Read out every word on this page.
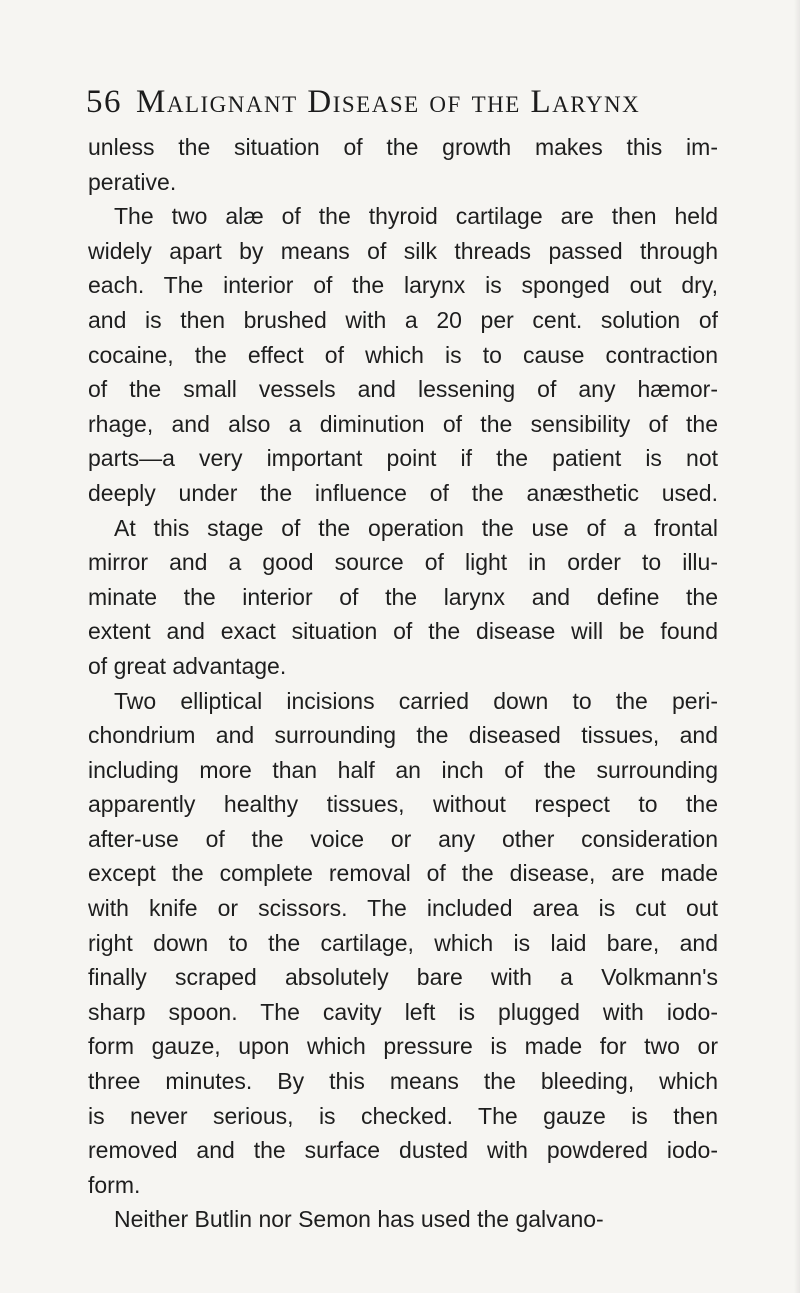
56 Malignant Disease of the Larynx
unless the situation of the growth makes this im-
perative.
The two alæ of the thyroid cartilage are then held
widely apart by means of silk threads passed through
each. The interior of the larynx is sponged out dry,
and is then brushed with a 20 per cent. solution of
cocaine, the effect of which is to cause contraction
of the small vessels and lessening of any hæmor-
rhage, and also a diminution of the sensibility of the
parts—a very important point if the patient is not
deeply under the influence of the anæsthetic used.
At this stage of the operation the use of a frontal
mirror and a good source of light in order to illu-
minate the interior of the larynx and define the
extent and exact situation of the disease will be found
of great advantage.
Two elliptical incisions carried down to the peri-
chondrium and surrounding the diseased tissues, and
including more than half an inch of the surrounding
apparently healthy tissues, without respect to the
after-use of the voice or any other consideration
except the complete removal of the disease, are made
with knife or scissors. The included area is cut out
right down to the cartilage, which is laid bare, and
finally scraped absolutely bare with a Volkmann's
sharp spoon. The cavity left is plugged with iodo-
form gauze, upon which pressure is made for two or
three minutes. By this means the bleeding, which
is never serious, is checked. The gauze is then
removed and the surface dusted with powdered iodo-
form.
Neither Butlin nor Semon has used the galvano-
